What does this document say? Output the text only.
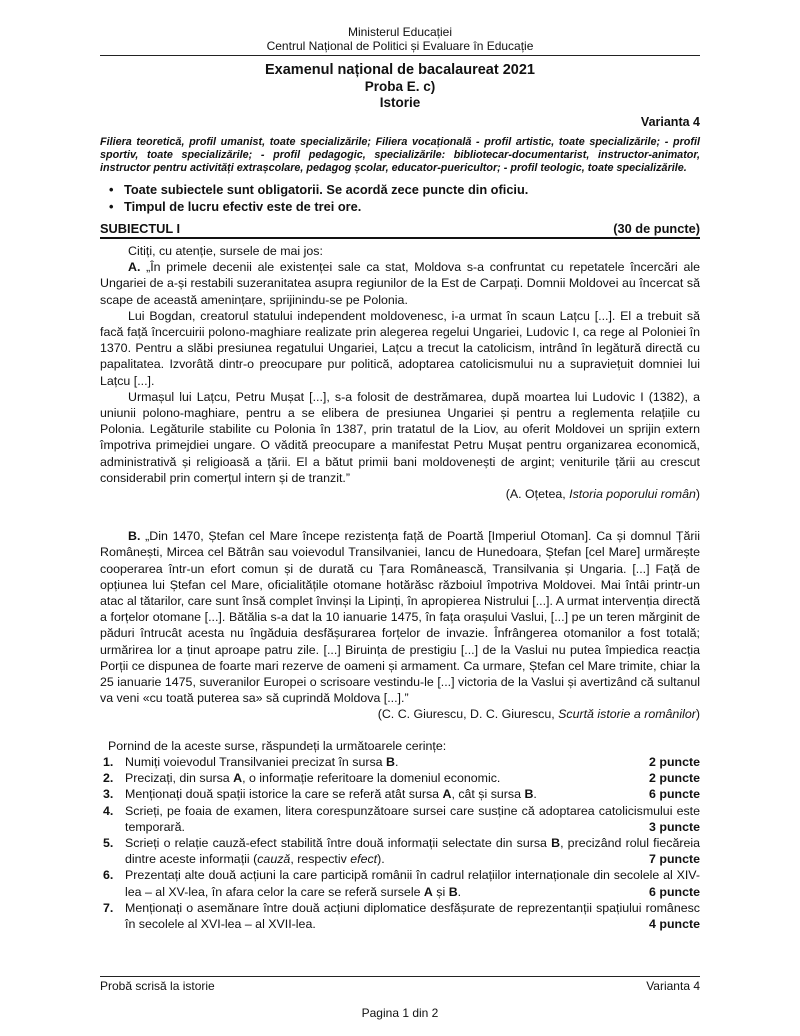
Ministerul Educației
Centrul Național de Politici și Evaluare în Educație
Examenul național de bacalaureat 2021
Proba E. c)
Istorie
Varianta 4

Filiera teoretică, profil umanist, toate specializările; Filiera vocațională - profil artistic, toate specializările; - profil sportiv, toate specializările; - profil pedagogic, specializările: bibliotecar-documentarist, instructor-animator, instructor pentru activități extrașcolare, pedagog școlar, educator-puericultor; - profil teologic, toate specializările.

• Toate subiectele sunt obligatorii. Se acordă zece puncte din oficiu.
• Timpul de lucru efectiv este de trei ore.
SUBIECTUL I	(30 de puncte)

Citiți, cu atenție, sursele de mai jos:

A. „În primele decenii ale existenței sale ca stat, Moldova s-a confruntat cu repetatele încercări ale Ungariei de a-și restabili suzeranitatea asupra regiunilor de la Est de Carpați. Domnii Moldovei au încercat să scape de această amenințare, sprijinindu-se pe Polonia.

Lui Bogdan, creatorul statului independent moldovenesc, i-a urmat în scaun Lațcu [...]. El a trebuit să facă față încercuirii polono-maghiare realizate prin alegerea regelui Ungariei, Ludovic I, ca rege al Poloniei în 1370. Pentru a slăbi presiunea regatului Ungariei, Lațcu a trecut la catolicism, intrând în legătură directă cu papalitatea. Izvorâtă dintr-o preocupare pur politică, adoptarea catolicismului nu a supraviețuit domniei lui Lațcu [...].

Urmașul lui Lațcu, Petru Mușat [...], s-a folosit de destrămarea, după moartea lui Ludovic I (1382), a uniunii polono-maghiare, pentru a se elibera de presiunea Ungariei și pentru a reglementa relațiile cu Polonia. Legăturile stabilite cu Polonia în 1387, prin tratatul de la Liov, au oferit Moldovei un sprijin extern împotriva primejdiei ungare. O vădită preocupare a manifestat Petru Mușat pentru organizarea economică, administrativă și religioasă a țării. El a bătut primii bani moldovenești de argint; veniturile țării au crescut considerabil prin comerțul intern și de tranzit.”

(A. Oțetea, Istoria poporului român)

B. „Din 1470, Ștefan cel Mare începe rezistența față de Poartă [Imperiul Otoman]. Ca și domnul Țării Românești, Mircea cel Bătrân sau voievodul Transilvaniei, Iancu de Hunedoara, Ștefan [cel Mare] urmărește cooperarea într-un efort comun și de durată cu Țara Românească, Transilvania și Ungaria. [...] Față de opțiunea lui Ștefan cel Mare, oficialitățile otomane hotărăsc războiul împotriva Moldovei. Mai întâi printr-un atac al tătarilor, care sunt însă complet învinși la Lipinți, în apropierea Nistrului [...]. A urmat intervenția directă a forțelor otomane [...]. Bătălia s-a dat la 10 ianuarie 1475, în fața orașului Vaslui, [...] pe un teren mărginit de păduri întrucât acesta nu îngăduia desfășurarea forțelor de invazie. Înfrângerea otomanilor a fost totală; urmărirea lor a ținut aproape patru zile. [...] Biruința de prestigiu [...] de la Vaslui nu putea împiedica reacția Porții ce dispunea de foarte mari rezerve de oameni și armament. Ca urmare, Ștefan cel Mare trimite, chiar la 25 ianuarie 1475, suveranilor Europei o scrisoare vestindu-le [...] victoria de la Vaslui și avertizând că sultanul va veni «cu toată puterea sa» să cuprindă Moldova [...].”

(C. C. Giurescu, D. C. Giurescu, Scurtă istorie a românilor)

Pornind de la aceste surse, răspundeți la următoarele cerințe:

1. Numiți voievodul Transilvaniei precizat în sursa B.	2 puncte
2. Precizați, din sursa A, o informație referitoare la domeniul economic.	2 puncte
3. Menționați două spații istorice la care se referă atât sursa A, cât și sursa B.	6 puncte
4. Scrieți, pe foaia de examen, litera corespunzătoare sursei care susține că adoptarea catolicismului este temporară.	3 puncte
5. Scrieți o relație cauză-efect stabilită între două informații selectate din sursa B, precizând rolul fiecăreia dintre aceste informații (cauză, respectiv efect).	7 puncte
6. Prezentați alte două acțiuni la care participă românii în cadrul relațiilor internaționale din secolele al XIV-lea – al XV-lea, în afara celor la care se referă sursele A și B.	6 puncte
7. Menționați o asemănare între două acțiuni diplomatice desfășurate de reprezentanții spațiului românesc în secolele al XVI-lea – al XVII-lea.	4 puncte
Probă scrisă la istorie	Varianta 4
Pagina 1 din 2
